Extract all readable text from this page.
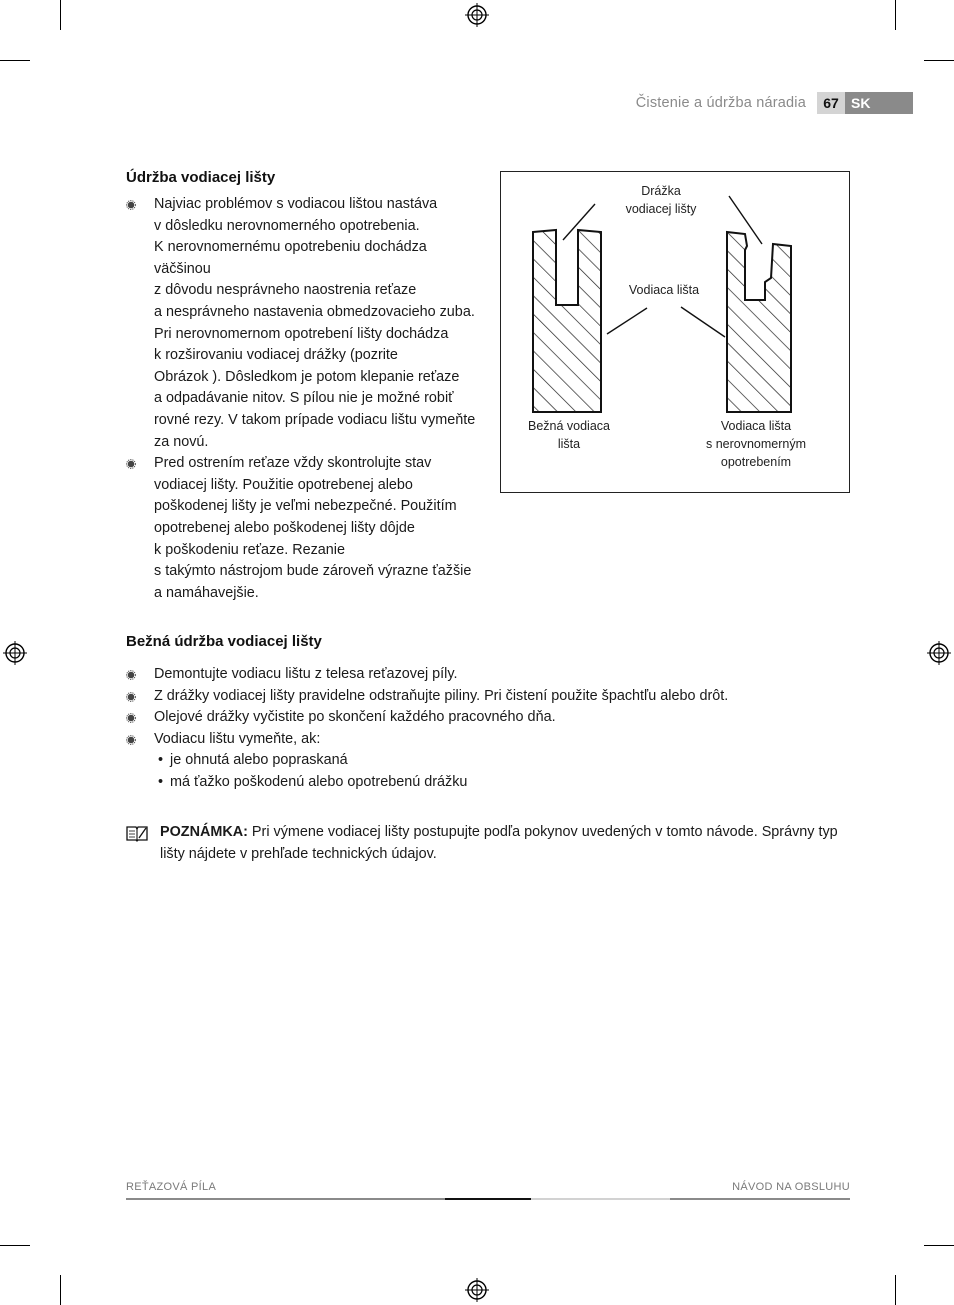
Čistenie a údržba náradia	67 SK
Údržba vodiacej lišty
Najviac problémov s vodiacou lištou nastáva
v dôsledku nerovnomerného opotrebenia.
K nerovnomernému opotrebeniu dochádza
väčšinou
z dôvodu nesprávneho naostrenia reťaze
a nesprávneho nastavenia obmedzovacieho zuba.
Pri nerovnomernom opotrebení lišty dochádza
k rozširovaniu vodiacej drážky (pozrite
Obrázok ). Dôsledkom je potom klepanie reťaze
a odpadávanie nitov. S pílou nie je možné robiť
rovné rezy. V takom prípade vodiacu lištu vymeňte
za novú.
Pred ostrením reťaze vždy skontrolujte stav
vodiacej lišty. Použitie opotrebenej alebo
poškodenej lišty je veľmi nebezpečné. Použitím
opotrebenej alebo poškodenej lišty dôjde
k poškodeniu reťaze. Rezanie
s takýmto nástrojom bude zároveň výrazne ťažšie
a namáhavejšie.
Drážka
vodiacej lišty
Vodiaca lišta
Bežná vodiaca
lišta
Vodiaca lišta
s nerovnomerným
opotrebením
Bežná údržba vodiacej lišty
Demontujte vodiacu lištu z telesa reťazovej píly.
Z drážky vodiacej lišty pravidelne odstraňujte piliny. Pri čistení použite špachtľu alebo drôt.
Olejové drážky vyčistite po skončení každého pracovného dňa.
Vodiacu lištu vymeňte, ak:
• je ohnutá alebo popraskaná
• má ťažko poškodenú alebo opotrebenú drážku
POZNÁMKA: Pri výmene vodiacej lišty postupujte podľa pokynov uvedených v tomto návode. Správny typ lišty nájdete v prehľade technických údajov.
REŤAZOVÁ PÍLA	NÁVOD NA OBSLUHU
